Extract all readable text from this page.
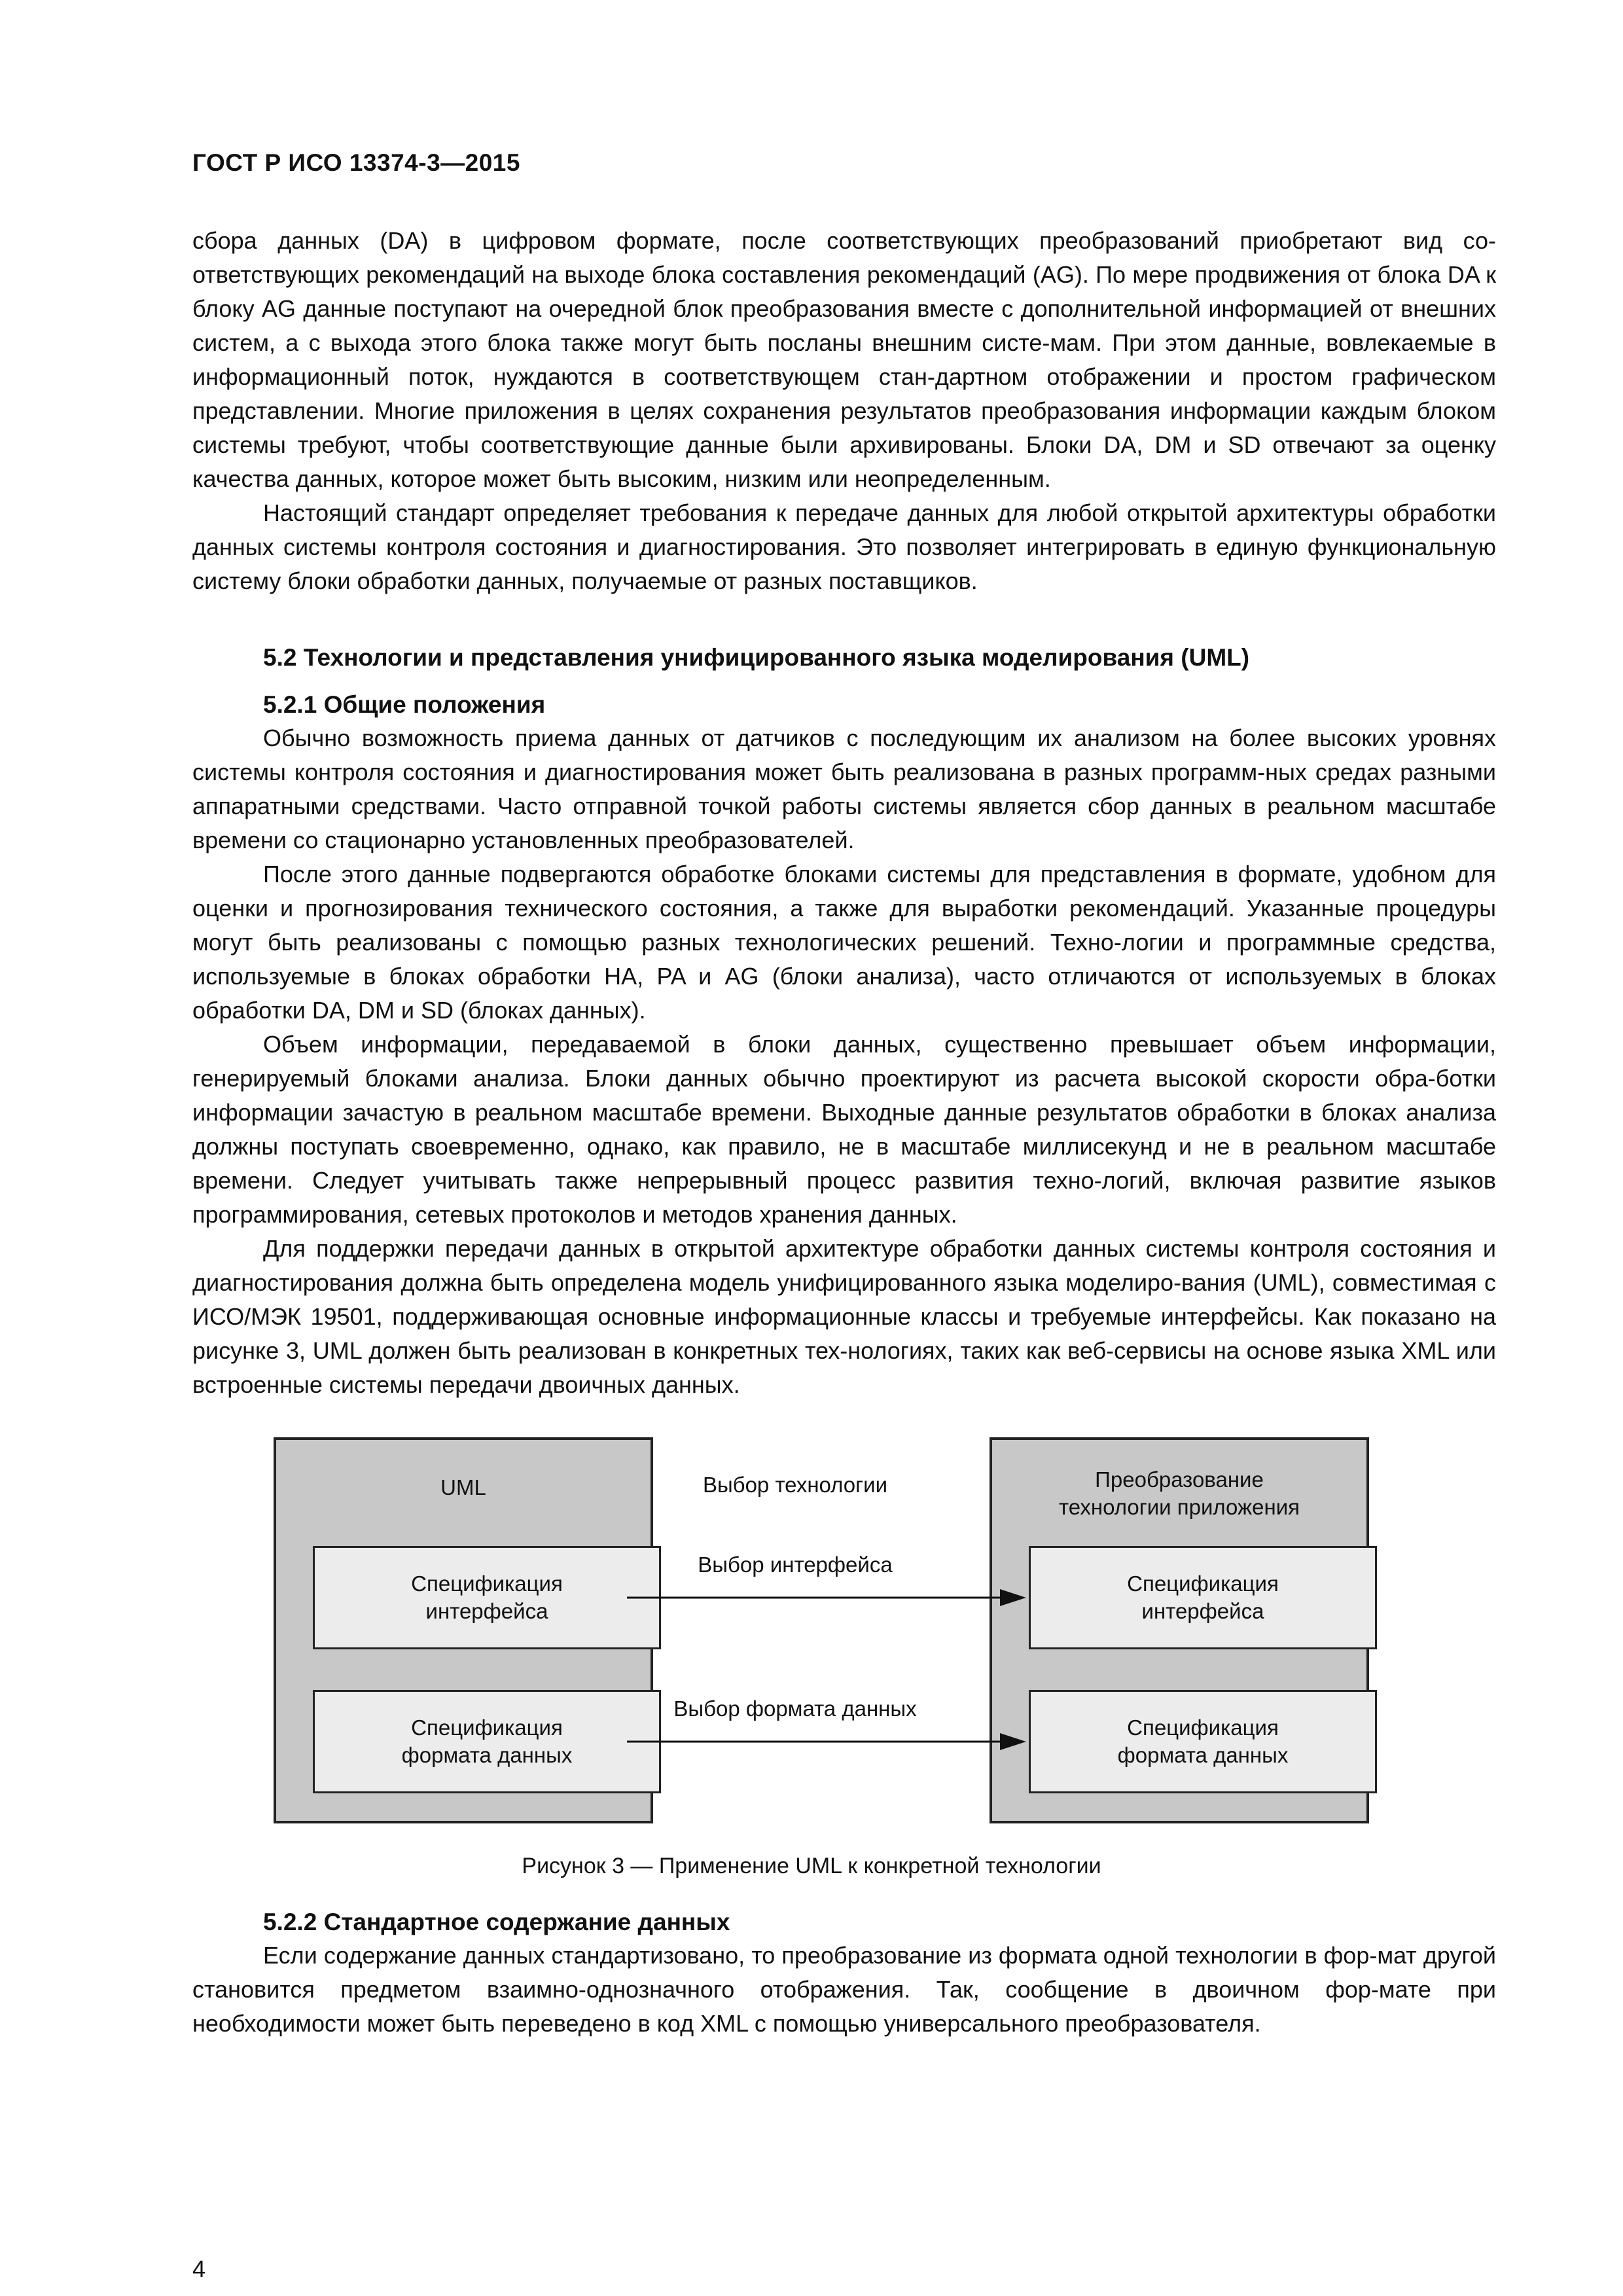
ГОСТ Р ИСО 13374-3—2015

сбора данных (DA) в цифровом формате, после соответствующих преобразований приобретают вид со-ответствующих рекомендаций на выходе блока составления рекомендаций (AG). По мере продвижения от блока DA к блоку AG данные поступают на очередной блок преобразования вместе с дополнительной информацией от внешних систем, а с выхода этого блока также могут быть посланы внешним систе-мам. При этом данные, вовлекаемые в информационный поток, нуждаются в соответствующем стан-дартном отображении и простом графическом представлении. Многие приложения в целях сохранения результатов преобразования информации каждым блоком системы требуют, чтобы соответствующие данные были архивированы. Блоки DA, DM и SD отвечают за оценку качества данных, которое может быть высоким, низким или неопределенным.

Настоящий стандарт определяет требования к передаче данных для любой открытой архитектуры обработки данных системы контроля состояния и диагностирования. Это позволяет интегрировать в единую функциональную систему блоки обработки данных, получаемые от разных поставщиков.

5.2 Технологии и представления унифицированного языка моделирования (UML)
5.2.1 Общие положения

Обычно возможность приема данных от датчиков с последующим их анализом на более высоких уровнях системы контроля состояния и диагностирования может быть реализована в разных программ-ных средах разными аппаратными средствами. Часто отправной точкой работы системы является сбор данных в реальном масштабе времени со стационарно установленных преобразователей.

После этого данные подвергаются обработке блоками системы для представления в формате, удобном для оценки и прогнозирования технического состояния, а также для выработки рекомендаций. Указанные процедуры могут быть реализованы с помощью разных технологических решений. Техно-логии и программные средства, используемые в блоках обработки HA, PA и AG (блоки анализа), часто отличаются от используемых в блоках обработки DA, DM и SD (блоках данных).

Объем информации, передаваемой в блоки данных, существенно превышает объем информации, генерируемый блоками анализа. Блоки данных обычно проектируют из расчета высокой скорости обра-ботки информации зачастую в реальном масштабе времени. Выходные данные результатов обработки в блоках анализа должны поступать своевременно, однако, как правило, не в масштабе миллисекунд и не в реальном масштабе времени. Следует учитывать также непрерывный процесс развития техно-логий, включая развитие языков программирования, сетевых протоколов и методов хранения данных.

Для поддержки передачи данных в открытой архитектуре обработки данных системы контроля состояния и диагностирования должна быть определена модель унифицированного языка моделиро-вания (UML), совместимая с ИСО/МЭК 19501, поддерживающая основные информационные классы и требуемые интерфейсы. Как показано на рисунке 3, UML должен быть реализован в конкретных тех-нологиях, таких как веб-сервисы на основе языка XML или встроенные системы передачи двоичных данных.

UML
Спецификация
интерфейса
Спецификация
формата данных
Выбор технологии
Выбор интерфейса
Выбор формата данных
Преобразование
технологии приложения
Спецификация
интерфейса
Спецификация
формата данных
Рисунок 3 — Применение UML к конкретной технологии
5.2.2 Стандартное содержание данных

Если содержание данных стандартизовано, то преобразование из формата одной технологии в фор-мат другой становится предметом взаимно-однозначного отображения. Так, сообщение в двоичном фор-мате при необходимости может быть переведено в код XML с помощью универсального преобразователя.

4
